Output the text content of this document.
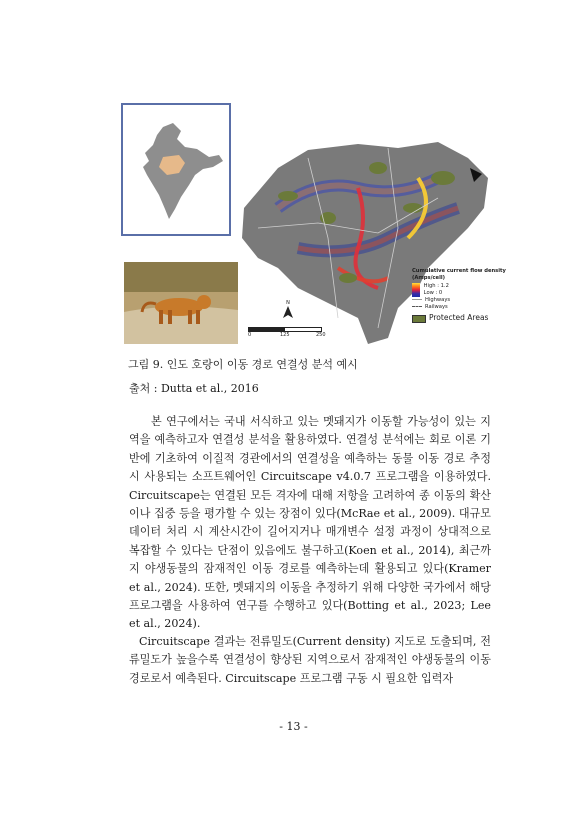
N
0	125	250
Cumulative current flow density (Amps/cell)

High : 1.2
Low : 0
Highways
Railways
Protected Areas
그림 9. 인도 호랑이 이동 경로 연결성 분석 예시
출처 : Dutta et al., 2016
본 연구에서는 국내 서식하고 있는 멧돼지가 이동할 가능성이 있는 지역을 예측하고자 연결성 분석을 활용하였다. 연결성 분석에는 회로 이론 기반에 기초하여 이질적 경관에서의 연결성을 예측하는 동물 이동 경로 추정 시 사용되는 소프트웨어인 Circuitscape v4.0.7 프로그램을 이용하였다. Circuitscape는 연결된 모든 격자에 대해 저항을 고려하여 종 이동의 확산이나 집중 등을 평가할 수 있는 장점이 있다(McRae et al., 2009). 대규모 데이터 처리 시 계산시간이 길어지거나 매개변수 설정 과정이 상대적으로 복잡할 수 있다는 단점이 있음에도 불구하고(Koen et al., 2014), 최근까지 야생동물의 잠재적인 이동 경로를 예측하는데 활용되고 있다(Kramer et al., 2024). 또한, 멧돼지의 이동을 추정하기 위해 다양한 국가에서 해당 프로그램을 사용하여 연구를 수행하고 있다(Botting et al., 2023; Lee et al., 2024).
Circuitscape 결과는 전류밀도(Current density) 지도로 도출되며, 전류밀도가 높을수록 연결성이 향상된 지역으로서 잠재적인 야생동물의 이동 경로로서 예측된다. Circuitscape 프로그램 구동 시 필요한 입력자
- 13 -
